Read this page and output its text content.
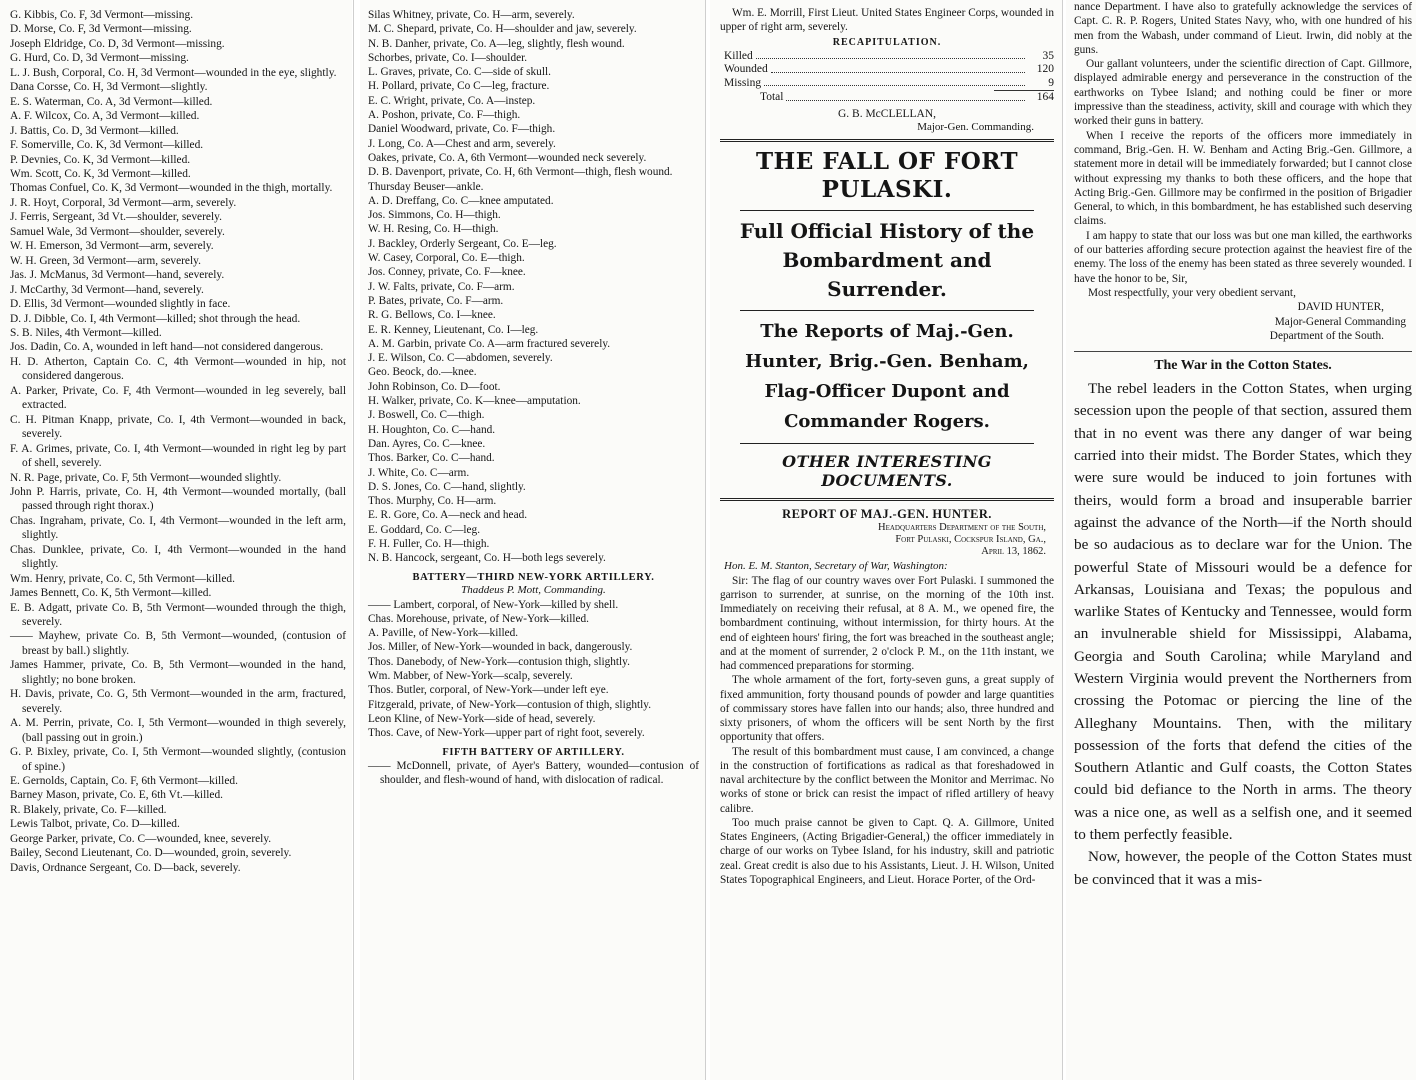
G. Kibbis, Co. F, 3d Vermont—missing.

D. Morse, Co. F, 3d Vermont—missing.

Joseph Eldridge, Co. D, 3d Vermont—missing.

G. Hurd, Co. D, 3d Vermont—missing.

L. J. Bush, Corporal, Co. H, 3d Vermont—wounded in the eye, slightly.

Dana Corsse, Co. H, 3d Vermont—slightly.

E. S. Waterman, Co. A, 3d Vermont—killed.

A. F. Wilcox, Co. A, 3d Vermont—killed.

J. Battis, Co. D, 3d Vermont—killed.

F. Somerville, Co. K, 3d Vermont—killed.

P. Devnies, Co. K, 3d Vermont—killed.

Wm. Scott, Co. K, 3d Vermont—killed.

Thomas Confuel, Co. K, 3d Vermont—wounded in the thigh, mortally.

J. R. Hoyt, Corporal, 3d Vermont—arm, severely.

J. Ferris, Sergeant, 3d Vt.—shoulder, severely.

Samuel Wale, 3d Vermont—shoulder, severely.

W. H. Emerson, 3d Vermont—arm, severely.

W. H. Green, 3d Vermont—arm, severely.

Jas. J. McManus, 3d Vermont—hand, severely.

J. McCarthy, 3d Vermont—hand, severely.

D. Ellis, 3d Vermont—wounded slightly in face.

D. J. Dibble, Co. I, 4th Vermont—killed; shot through the head.

S. B. Niles, 4th Vermont—killed.

Jos. Dadin, Co. A, wounded in left hand—not considered dangerous.

H. D. Atherton, Captain Co. C, 4th Vermont—wounded in hip, not considered dangerous.

A. Parker, Private, Co. F, 4th Vermont—wounded in leg severely, ball extracted.

C. H. Pitman Knapp, private, Co. I, 4th Vermont—wounded in back, severely.

F. A. Grimes, private, Co. I, 4th Vermont—wounded in right leg by part of shell, severely.

N. R. Page, private, Co. F, 5th Vermont—wounded slightly.

John P. Harris, private, Co. H, 4th Vermont—wounded mortally, (ball passed through right thorax.)

Chas. Ingraham, private, Co. I, 4th Vermont—wounded in the left arm, slightly.

Chas. Dunklee, private, Co. I, 4th Vermont—wounded in the hand slightly.

Wm. Henry, private, Co. C, 5th Vermont—killed.

James Bennett, Co. K, 5th Vermont—killed.

E. B. Adgatt, private Co. B, 5th Vermont—wounded through the thigh, severely.

—— Mayhew, private Co. B, 5th Vermont—wounded, (contusion of breast by ball.) slightly.

James Hammer, private, Co. B, 5th Vermont—wounded in the hand, slightly; no bone broken.

H. Davis, private, Co. G, 5th Vermont—wounded in the arm, fractured, severely.

A. M. Perrin, private, Co. I, 5th Vermont—wounded in thigh severely, (ball passing out in groin.)

G. P. Bixley, private, Co. I, 5th Vermont—wounded slightly, (contusion of spine.)

E. Gernolds, Captain, Co. F, 6th Vermont—killed.

Barney Mason, private, Co. E, 6th Vt.—killed.

R. Blakely, private, Co. F—killed.

Lewis Talbot, private, Co. D—killed.

George Parker, private, Co. C—wounded, knee, severely.

Bailey, Second Lieutenant, Co. D—wounded, groin, severely.

Davis, Ordnance Sergeant, Co. D—back, severely.

Silas Whitney, private, Co. H—arm, severely.

M. C. Shepard, private, Co. H—shoulder and jaw, severely.

N. B. Danher, private, Co. A—leg, slightly, flesh wound.

Schorbes, private, Co. I—shoulder.

L. Graves, private, Co. C—side of skull.

H. Pollard, private, Co C—leg, fracture.

E. C. Wright, private, Co. A—instep.

A. Poshon, private, Co. F—thigh.

Daniel Woodward, private, Co. F—thigh.

J. Long, Co. A—Chest and arm, severely.

Oakes, private, Co. A, 6th Vermont—wounded neck severely.

D. B. Davenport, private, Co. H, 6th Vermont—thigh, flesh wound.

Thursday Beuser—ankle.

A. D. Dreffang, Co. C—knee amputated.

Jos. Simmons, Co. H—thigh.

W. H. Resing, Co. H—thigh.

J. Backley, Orderly Sergeant, Co. E—leg.

W. Casey, Corporal, Co. E—thigh.

Jos. Conney, private, Co. F—knee.

J. W. Falts, private, Co. F—arm.

P. Bates, private, Co. F—arm.

R. G. Bellows, Co. I—knee.

E. R. Kenney, Lieutenant, Co. I—leg.

A. M. Garbin, private Co. A—arm fractured severely.

J. E. Wilson, Co. C—abdomen, severely.

Geo. Beock, do.—knee.

John Robinson, Co. D—foot.

H. Walker, private, Co. K—knee—amputation.

J. Boswell, Co. C—thigh.

H. Houghton, Co. C—hand.

Dan. Ayres, Co. C—knee.

Thos. Barker, Co. C—hand.

J. White, Co. C—arm.

D. S. Jones, Co. C—hand, slightly.

Thos. Murphy, Co. H—arm.

E. R. Gore, Co. A—neck and head.

E. Goddard, Co. C—leg.

F. H. Fuller, Co. H—thigh.

N. B. Hancock, sergeant, Co. H—both legs severely.

BATTERY—THIRD NEW-YORK ARTILLERY.
Thaddeus P. Mott, Commanding.

—— Lambert, corporal, of New-York—killed by shell.

Chas. Morehouse, private, of New-York—killed.

A. Paville, of New-York—killed.

Jos. Miller, of New-York—wounded in back, dangerously.

Thos. Danebody, of New-York—contusion thigh, slightly.

Wm. Mabber, of New-York—scalp, severely.

Thos. Butler, corporal, of New-York—under left eye.

Fitzgerald, private, of New-York—contusion of thigh, slightly.

Leon Kline, of New-York—side of head, severely.

Thos. Cave, of New-York—upper part of right foot, severely.

FIFTH BATTERY OF ARTILLERY.

—— McDonnell, private, of Ayer's Battery, wounded—contusion of shoulder, and flesh-wound of hand, with dislocation of radical.

Wm. E. Morrill, First Lieut. United States Engineer Corps, wounded in upper of right arm, severely.

RECAPITULATION.
Killed	35
Wounded	120
Missing	9
Total	164
G. B. McCLELLAN,
Major-Gen. Commanding.
THE FALL OF FORT PULASKI.
Full Official History of the Bombardment and Surrender.
The Reports of Maj.-Gen. Hunter, Brig.-Gen. Benham, Flag-Officer Dupont and Commander Rogers.
OTHER INTERESTING DOCUMENTS.
REPORT OF MAJ.-GEN. HUNTER.
Headquarters Department of the South,
Fort Pulaski, Cockspur Island, Ga.,
April 13, 1862.
Hon. E. M. Stanton, Secretary of War, Washington:

Sir: The flag of our country waves over Fort Pulaski. I summoned the garrison to surrender, at sunrise, on the morning of the 10th inst. Immediately on receiving their refusal, at 8 A. M., we opened fire, the bombardment continuing, without intermission, for thirty hours. At the end of eighteen hours' firing, the fort was breached in the southeast angle; and at the moment of surrender, 2 o'clock P. M., on the 11th instant, we had commenced preparations for storming.

The whole armament of the fort, forty-seven guns, a great supply of fixed ammunition, forty thousand pounds of powder and large quantities of commissary stores have fallen into our hands; also, three hundred and sixty prisoners, of whom the officers will be sent North by the first opportunity that offers.

The result of this bombardment must cause, I am convinced, a change in the construction of fortifications as radical as that foreshadowed in naval architecture by the conflict between the Monitor and Merrimac. No works of stone or brick can resist the impact of rifled artillery of heavy calibre.

Too much praise cannot be given to Capt. Q. A. Gillmore, United States Engineers, (Acting Brigadier-General,) the officer immediately in charge of our works on Tybee Island, for his industry, skill and patriotic zeal. Great credit is also due to his Assistants, Lieut. J. H. Wilson, United States Topographical Engineers, and Lieut. Horace Porter, of the Ord-

nance Department. I have also to gratefully acknowledge the services of Capt. C. R. P. Rogers, United States Navy, who, with one hundred of his men from the Wabash, under command of Lieut. Irwin, did nobly at the guns.

Our gallant volunteers, under the scientific direction of Capt. Gillmore, displayed admirable energy and perseverance in the construction of the earthworks on Tybee Island; and nothing could be finer or more impressive than the steadiness, activity, skill and courage with which they worked their guns in battery.

When I receive the reports of the officers more immediately in command, Brig.-Gen. H. W. Benham and Acting Brig.-Gen. Gillmore, a statement more in detail will be immediately forwarded; but I cannot close without expressing my thanks to both these officers, and the hope that Acting Brig.-Gen. Gillmore may be confirmed in the position of Brigadier General, to which, in this bombardment, he has established such deserving claims.

I am happy to state that our loss was but one man killed, the earthworks of our batteries affording secure protection against the heaviest fire of the enemy. The loss of the enemy has been stated as three severely wounded. I have the honor to be, Sir,

Most respectfully, your very obedient servant,
DAVID HUNTER,
Major-General Commanding
Department of the South.
The War in the Cotton States.

The rebel leaders in the Cotton States, when urging secession upon the people of that section, assured them that in no event was there any danger of war being carried into their midst. The Border States, which they were sure would be induced to join fortunes with theirs, would form a broad and insuperable barrier against the advance of the North—if the North should be so audacious as to declare war for the Union. The powerful State of Missouri would be a defence for Arkansas, Louisiana and Texas; the populous and warlike States of Kentucky and Tennessee, would form an invulnerable shield for Mississippi, Alabama, Georgia and South Carolina; while Maryland and Western Virginia would prevent the Northerners from crossing the Potomac or piercing the line of the Alleghany Mountains. Then, with the military possession of the forts that defend the cities of the Southern Atlantic and Gulf coasts, the Cotton States could bid defiance to the North in arms. The theory was a nice one, as well as a selfish one, and it seemed to them perfectly feasible.

Now, however, the people of the Cotton States must be convinced that it was a mis-
